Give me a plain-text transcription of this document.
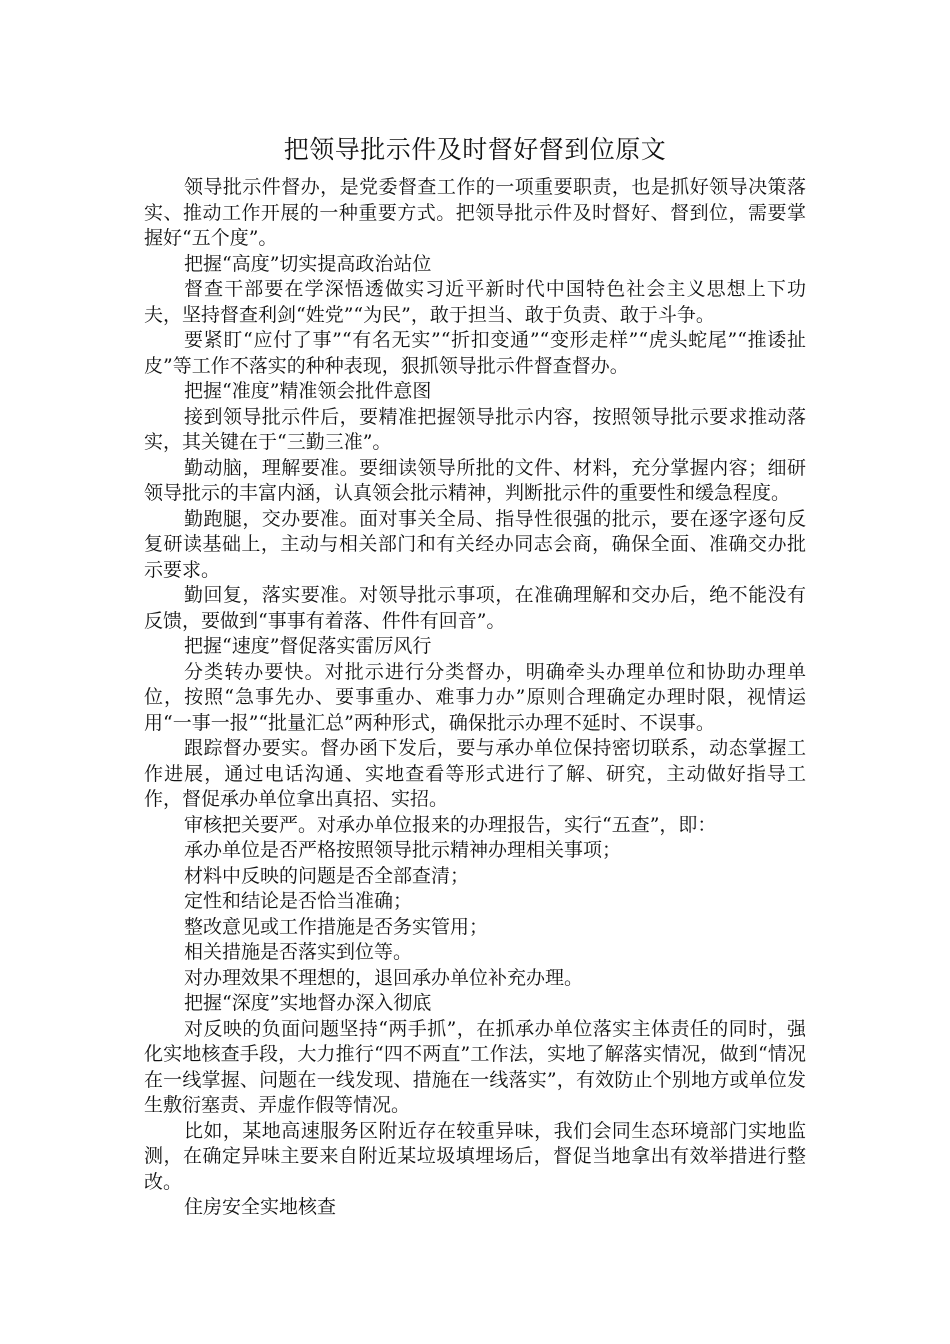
把领导批示件及时督好督到位原文

领导批示件督办，是党委督查工作的一项重要职责，也是抓好领导决策落实、推动工作开展的一种重要方式。把领导批示件及时督好、督到位，需要掌握好“五个度”。

把握“高度”切实提高政治站位

督查干部要在学深悟透做实习近平新时代中国特色社会主义思想上下功夫，坚持督查利剑“姓党”“为民”，敢于担当、敢于负责、敢于斗争。

要紧盯“应付了事”“有名无实”“折扣变通”“变形走样”“虎头蛇尾”“推诿扯皮”等工作不落实的种种表现，狠抓领导批示件督查督办。

把握“准度”精准领会批件意图

接到领导批示件后，要精准把握领导批示内容，按照领导批示要求推动落实，其关键在于“三勤三准”。

勤动脑，理解要准。要细读领导所批的文件、材料，充分掌握内容；细研领导批示的丰富内涵，认真领会批示精神，判断批示件的重要性和缓急程度。

勤跑腿，交办要准。面对事关全局、指导性很强的批示，要在逐字逐句反复研读基础上，主动与相关部门和有关经办同志会商，确保全面、准确交办批示要求。

勤回复，落实要准。对领导批示事项，在准确理解和交办后，绝不能没有反馈，要做到“事事有着落、件件有回音”。

把握“速度”督促落实雷厉风行

分类转办要快。对批示进行分类督办，明确牵头办理单位和协助办理单位，按照“急事先办、要事重办、难事力办”原则合理确定办理时限，视情运用“一事一报”“批量汇总”两种形式，确保批示办理不延时、不误事。

跟踪督办要实。督办函下发后，要与承办单位保持密切联系，动态掌握工作进展，通过电话沟通、实地查看等形式进行了解、研究，主动做好指导工作，督促承办单位拿出真招、实招。

审核把关要严。对承办单位报来的办理报告，实行“五查”，即：

承办单位是否严格按照领导批示精神办理相关事项；

材料中反映的问题是否全部查清；

定性和结论是否恰当准确；

整改意见或工作措施是否务实管用；

相关措施是否落实到位等。

对办理效果不理想的，退回承办单位补充办理。

把握“深度”实地督办深入彻底

对反映的负面问题坚持“两手抓”，在抓承办单位落实主体责任的同时，强化实地核查手段，大力推行“四不两直”工作法，实地了解落实情况，做到“情况在一线掌握、问题在一线发现、措施在一线落实”，有效防止个别地方或单位发生敷衍塞责、弄虚作假等情况。

比如，某地高速服务区附近存在较重异味，我们会同生态环境部门实地监测，在确定异味主要来自附近某垃圾填埋场后，督促当地拿出有效举措进行整改。

住房安全实地核查
